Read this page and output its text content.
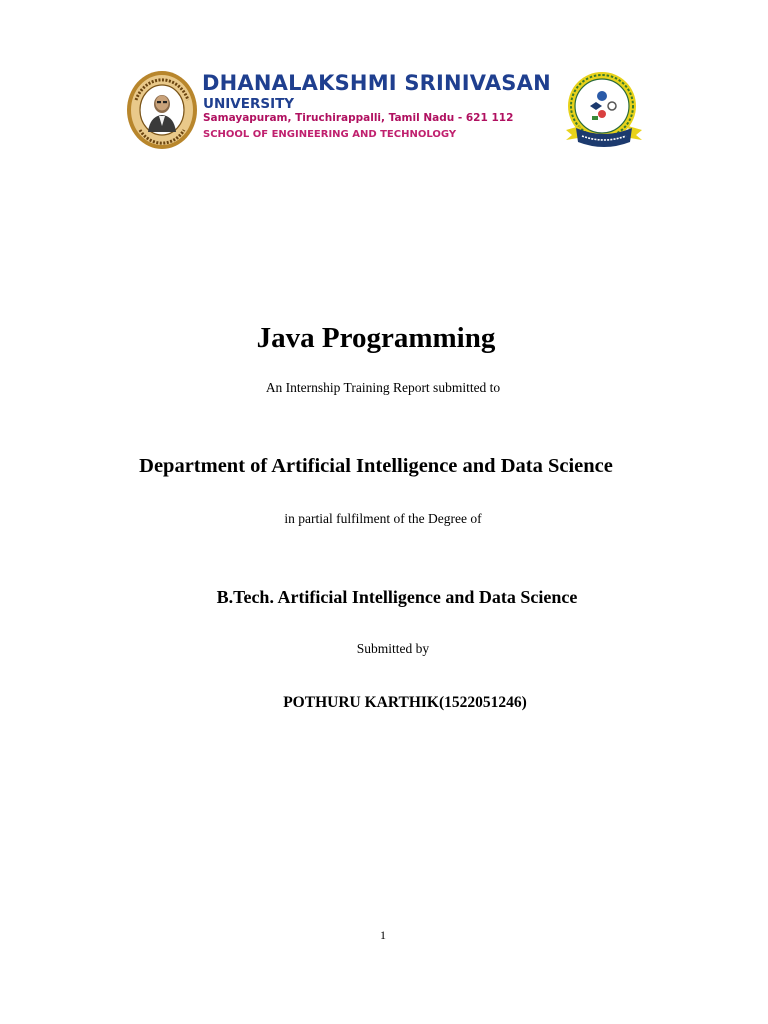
DHANALAKSHMI SRINIVASAN
UNIVERSITY
Samayapuram, Tiruchirappalli, Tamil Nadu - 621 112
SCHOOL OF ENGINEERING AND TECHNOLOGY
Java Programming
An Internship Training Report submitted to
Department of Artificial Intelligence and Data Science
in partial fulfilment of the Degree of
B.Tech. Artificial Intelligence and Data Science
Submitted by
POTHURU KARTHIK(1522051246)
1
